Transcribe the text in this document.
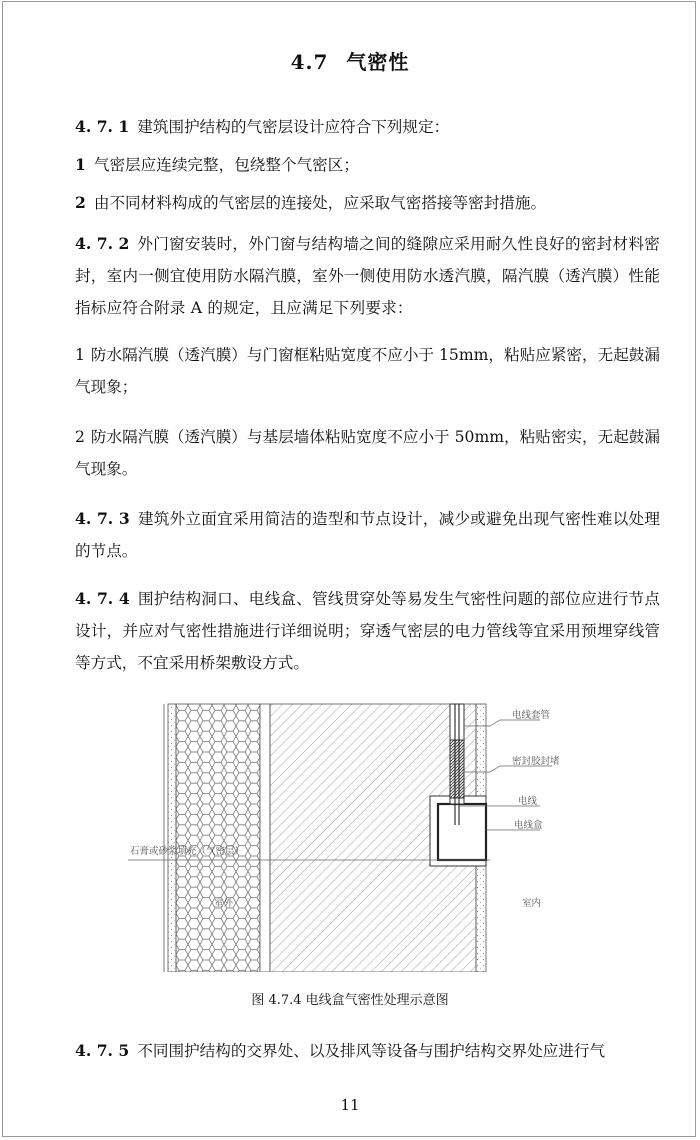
4.7 气密性

4. 7. 1 建筑围护结构的气密层设计应符合下列规定：

1 气密层应连续完整，包绕整个气密区；

2 由不同材料构成的气密层的连接处，应采取气密搭接等密封措施。

4. 7. 2 外门窗安装时，外门窗与结构墙之间的缝隙应采用耐久性良好的密封材料密封，室内一侧宜使用防水隔汽膜，室外一侧使用防水透汽膜，隔汽膜（透汽膜）性能指标应符合附录 A 的规定，且应满足下列要求：

1 防水隔汽膜（透汽膜）与门窗框粘贴宽度不应小于 15mm，粘贴应紧密，无起鼓漏气现象；

2 防水隔汽膜（透汽膜）与基层墙体粘贴宽度不应小于 50mm，粘贴密实，无起鼓漏气现象。

4. 7. 3 建筑外立面宜采用简洁的造型和节点设计，减少或避免出现气密性难以处理的节点。

4. 7. 4 围护结构洞口、电线盒、管线贯穿处等易发生气密性问题的部位应进行节点设计，并应对气密性措施进行详细说明；穿透气密层的电力管线等宜采用预埋穿线管等方式，不宜采用桥架敷设方式。

电线套管
密封胶封堵
电线
电线盒
石膏或砂浆填充（气密层）
室外	室内
图 4.7.4 电线盒气密性处理示意图

4. 7. 5 不同围护结构的交界处、以及排风等设备与围护结构交界处应进行气

11
